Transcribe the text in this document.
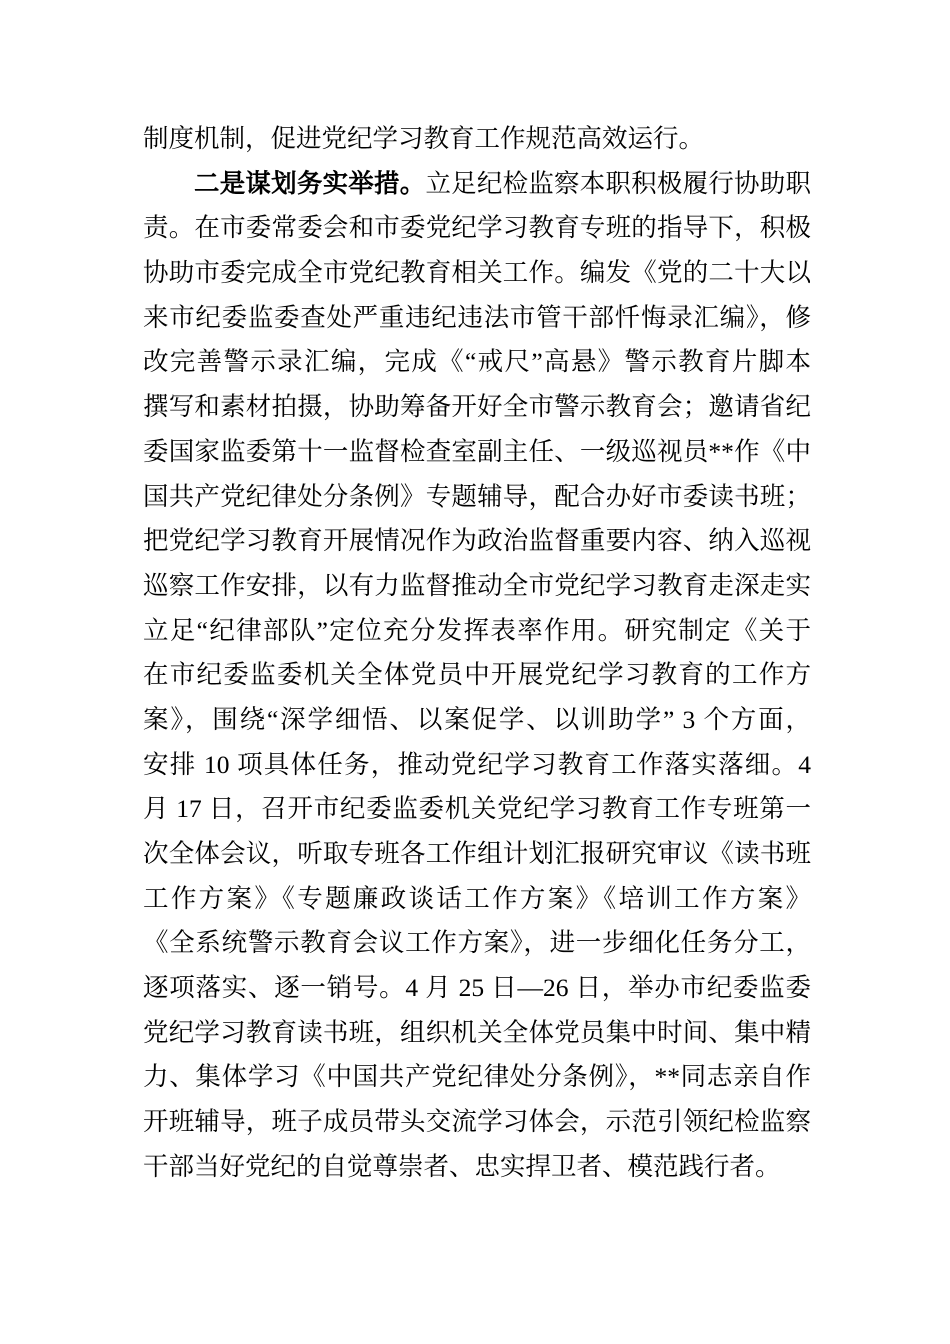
制度机制，促进党纪学习教育工作规范高效运行。
二是谋划务实举措。立足纪检监察本职积极履行协助职
责。在市委常委会和市委党纪学习教育专班的指导下，积极
协助市委完成全市党纪教育相关工作。编发《党的二十大以
来市纪委监委查处严重违纪违法市管干部忏悔录汇编》，修
改完善警示录汇编，完成《“戒尺”高悬》警示教育片脚本
撰写和素材拍摄，协助筹备开好全市警示教育会；邀请省纪
委国家监委第十一监督检查室副主任、一级巡视员**作《中
国共产党纪律处分条例》专题辅导，配合办好市委读书班；
把党纪学习教育开展情况作为政治监督重要内容、纳入巡视
巡察工作安排，以有力监督推动全市党纪学习教育走深走实
立足“纪律部队”定位充分发挥表率作用。研究制定《关于
在市纪委监委机关全体党员中开展党纪学习教育的工作方
案》，围绕“深学细悟、以案促学、以训助学” 3 个方面，
安排 10 项具体任务，推动党纪学习教育工作落实落细。4
月 17 日，召开市纪委监委机关党纪学习教育工作专班第一
次全体会议，听取专班各工作组计划汇报研究审议《读书班
工作方案》《专题廉政谈话工作方案》《培训工作方案》
《全系统警示教育会议工作方案》，进一步细化任务分工，
逐项落实、逐一销号。4 月 25 日—26 日，举办市纪委监委
党纪学习教育读书班，组织机关全体党员集中时间、集中精
力、集体学习《中国共产党纪律处分条例》，**同志亲自作
开班辅导，班子成员带头交流学习体会，示范引领纪检监察
干部当好党纪的自觉尊崇者、忠实捍卫者、模范践行者。
